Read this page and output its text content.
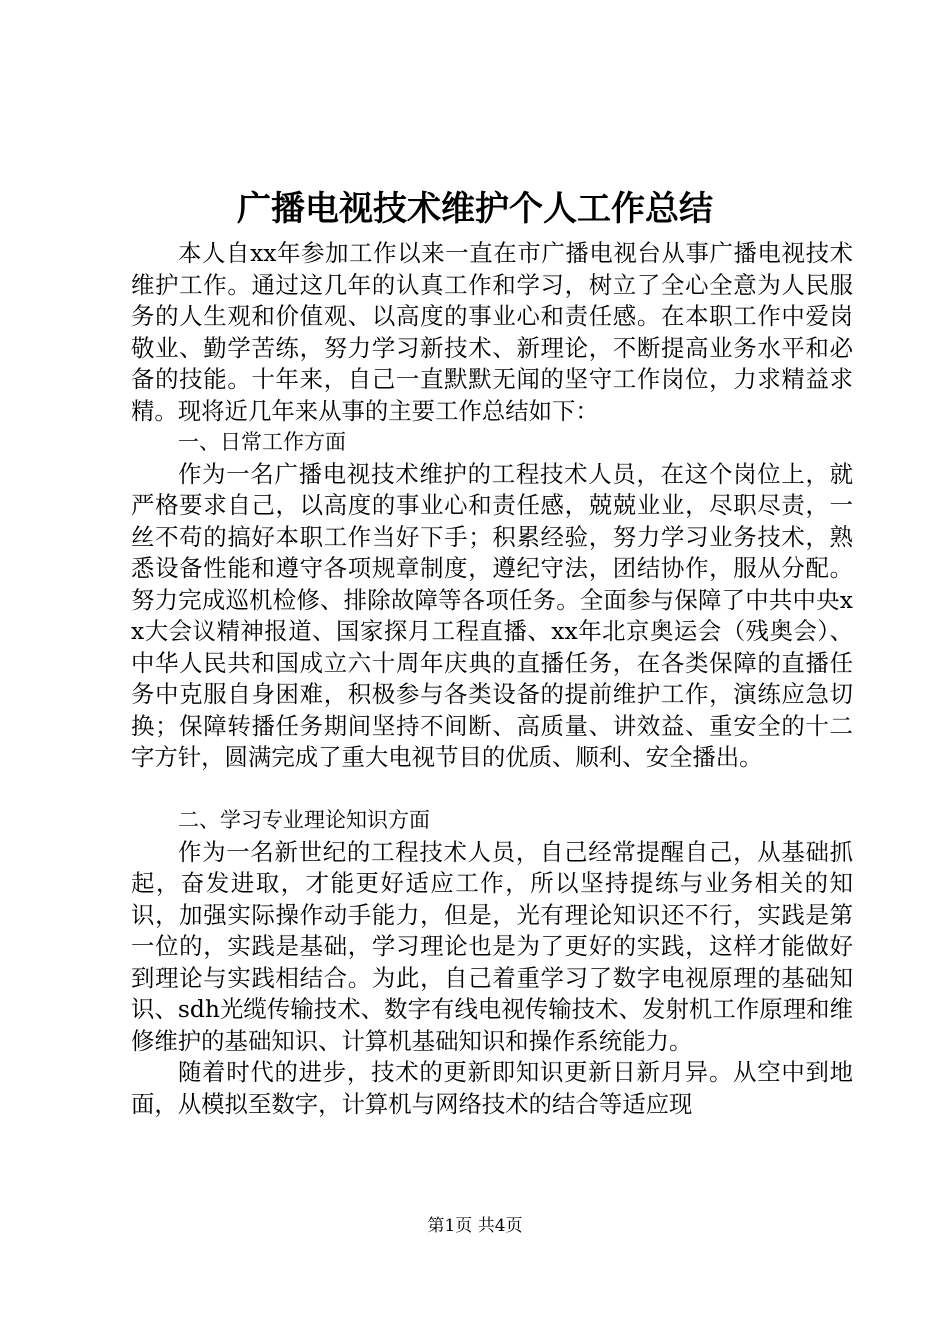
广播电视技术维护个人工作总结

本人自xx年参加工作以来一直在市广播电视台从事广播电视技术维护工作。通过这几年的认真工作和学习，树立了全心全意为人民服务的人生观和价值观、以高度的事业心和责任感。在本职工作中爱岗敬业、勤学苦练，努力学习新技术、新理论，不断提高业务水平和必备的技能。十年来，自己一直默默无闻的坚守工作岗位，力求精益求精。现将近几年来从事的主要工作总结如下：

一、日常工作方面

作为一名广播电视技术维护的工程技术人员，在这个岗位上，就严格要求自己，以高度的事业心和责任感，兢兢业业，尽职尽责，一丝不苟的搞好本职工作当好下手；积累经验，努力学习业务技术，熟悉设备性能和遵守各项规章制度，遵纪守法，团结协作，服从分配。努力完成巡机检修、排除故障等各项任务。全面参与保障了中共中央xx大会议精神报道、国家探月工程直播、xx年北京奥运会（残奥会）、中华人民共和国成立六十周年庆典的直播任务，在各类保障的直播任务中克服自身困难，积极参与各类设备的提前维护工作，演练应急切换；保障转播任务期间坚持不间断、高质量、讲效益、重安全的十二字方针，圆满完成了重大电视节目的优质、顺利、安全播出。

二、学习专业理论知识方面

作为一名新世纪的工程技术人员，自己经常提醒自己，从基础抓起，奋发进取，才能更好适应工作，所以坚持提练与业务相关的知识，加强实际操作动手能力，但是，光有理论知识还不行，实践是第一位的，实践是基础，学习理论也是为了更好的实践，这样才能做好到理论与实践相结合。为此，自己着重学习了数字电视原理的基础知识、sdh光缆传输技术、数字有线电视传输技术、发射机工作原理和维修维护的基础知识、计算机基础知识和操作系统能力。

随着时代的进步，技术的更新即知识更新日新月异。从空中到地面，从模拟至数字，计算机与网络技术的结合等适应现

第1页 共4页
